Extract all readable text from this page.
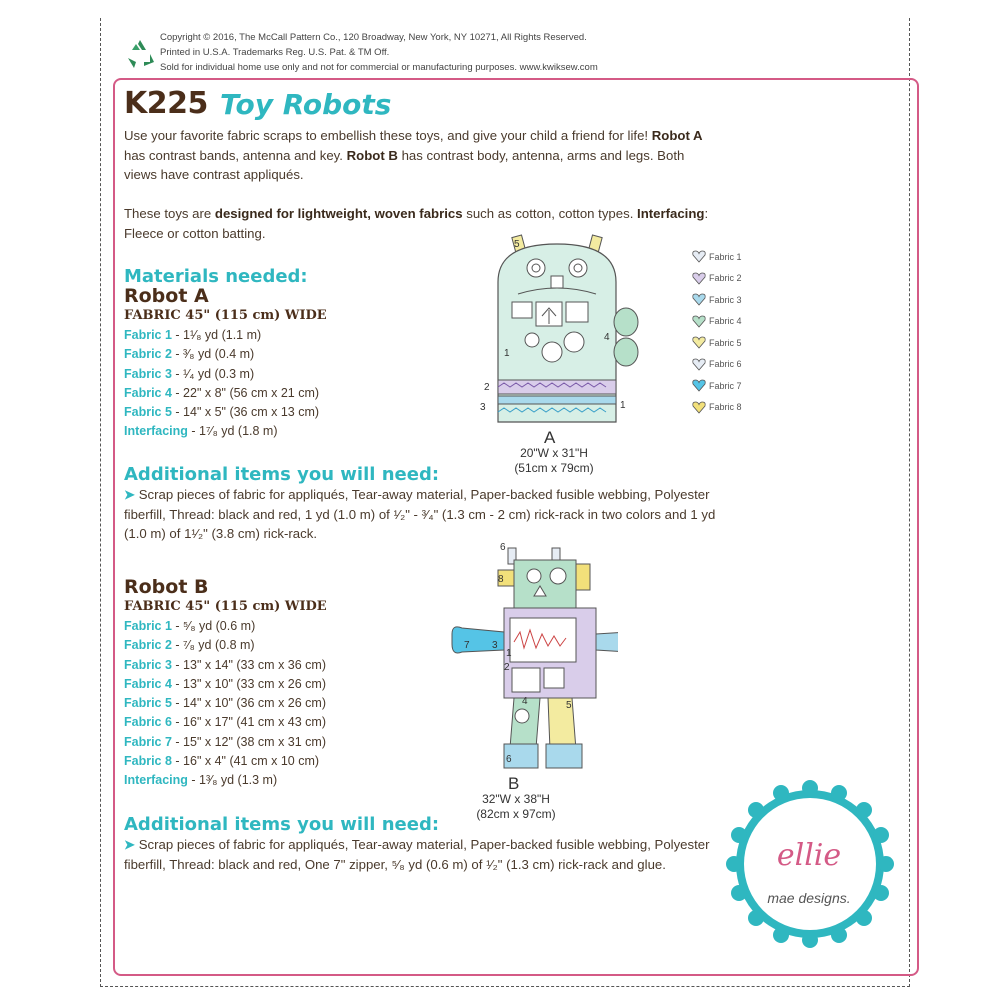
Copyright © 2016, The McCall Pattern Co., 120 Broadway, New York, NY 10271, All Rights Reserved.
Printed in U.S.A. Trademarks Reg. U.S. Pat. & TM Off.
Sold for individual home use only and not for commercial or manufacturing purposes. www.kwiksew.com
K225 Toy Robots
Use your favorite fabric scraps to embellish these toys, and give your child a friend for life! Robot A has contrast bands, antenna and key. Robot B has contrast body, antenna, arms and legs. Both views have contrast appliqués.
These toys are designed for lightweight, woven fabrics such as cotton, cotton types. Interfacing: Fleece or cotton batting.
Materials needed:
Robot A
FABRIC 45" (115 cm) WIDE
Fabric 1 - 1¹⁄₈ yd (1.1 m)
Fabric 2 - ³⁄₈ yd (0.4 m)
Fabric 3 - ¹⁄₄ yd (0.3 m)
Fabric 4 - 22" x 8" (56 cm x 21 cm)
Fabric 5 - 14" x 5" (36 cm x 13 cm)
Interfacing - 1⁷⁄₈ yd (1.8 m)
Additional items you will need:
➤ Scrap pieces of fabric for appliqués, Tear-away material, Paper-backed fusible webbing, Polyester fiberfill, Thread: black and red, 1 yd (1.0 m) of ¹⁄₂" - ³⁄₄" (1.3 cm - 2 cm) rick-rack in two colors and 1 yd (1.0 m) of 1¹⁄₂" (3.8 cm) rick-rack.
Robot B
FABRIC 45" (115 cm) WIDE
Fabric 1 - ⁵⁄₈ yd (0.6 m)
Fabric 2 - ⁷⁄₈ yd (0.8 m)
Fabric 3 - 13" x 14" (33 cm x 36 cm)
Fabric 4 - 13" x 10" (33 cm x 26 cm)
Fabric 5 - 14" x 10" (36 cm x 26 cm)
Fabric 6 - 16" x 17" (41 cm x 43 cm)
Fabric 7 - 15" x 12" (38 cm x 31 cm)
Fabric 8 - 16" x 4" (41 cm x 10 cm)
Interfacing - 1³⁄₈ yd (1.3 m)
Additional items you will need:
➤ Scrap pieces of fabric for appliqués, Tear-away material, Paper-backed fusible webbing, Polyester fiberfill, Thread: black and red, One 7" zipper, ⁵⁄₈ yd (0.6 m) of ¹⁄₂" (1.3 cm) rick-rack and glue.
5
4
1
1
2
3
A
20"W x 31"H
(51cm x 79cm)
Fabric 1
Fabric 2
Fabric 3
Fabric 4
Fabric 5
Fabric 6
Fabric 7
Fabric 8
6
8
7 3
1
2
4	5
6
B
32"W x 38"H
(82cm x 97cm)
ellie
mae designs.
